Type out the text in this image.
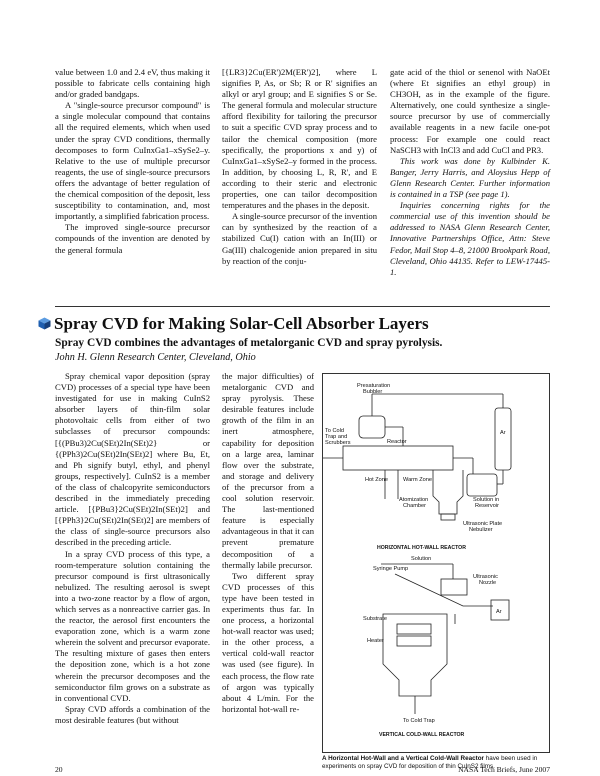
value between 1.0 and 2.4 eV, thus making it possible to fabricate cells containing high and/or graded bandgaps.

A "single-source precursor compound" is a single molecular compound that contains all the required elements, which when used under the spray CVD conditions, thermally decomposes to form CuInxGa1–xSySe2–y. Relative to the use of multiple precursor reagents, the use of single-source precursors offers the advantage of better regulation of the chemical composition of the deposit, less susceptibility to contamination, and, most importantly, a simplified fabrication process.

The improved single-source precursor compounds of the invention are denoted by the general formula

[{LR3}2Cu(ER')2M(ER')2], where L signifies P, As, or Sb; R or R' signifies an alkyl or aryl group; and E signifies S or Se. The general formula and molecular structure afford flexibility for tailoring the precursor to suit a specific CVD spray process and to tailor the chemical composition (more specifically, the proportions x and y) of CuInxGa1–xSySe2–y formed in the process. In addition, by choosing L, R, R', and E according to their steric and electronic properties, one can tailor decomposition temperatures and the phases in the deposit.

A single-source precursor of the invention can by synthesized by the reaction of a stabilized Cu(I) cation with an In(III) or Ga(III) chalcogenide anion prepared in situ by reaction of the conju-

gate acid of the thiol or senenol with NaOEt (where Et signifies an ethyl group) in CH3OH, as in the example of the figure. Alternatively, one could synthesize a single-source precursor by use of commercially available reagents in a new facile one-pot process: For example one could react NaSCH3 with InCl3 and add CuCl and PR3.

This work was done by Kulbinder K. Banger, Jerry Harris, and Aloysius Hepp of Glenn Research Center. Further information is contained in a TSP (see page 1).

Inquiries concerning rights for the commercial use of this invention should be addressed to NASA Glenn Research Center, Innovative Partnerships Office, Attn: Steve Fedor, Mail Stop 4–8, 21000 Brookpark Road, Cleveland, Ohio 44135. Refer to LEW-17445-1.

Spray CVD for Making Solar-Cell Absorber Layers
Spray CVD combines the advantages of metalorganic CVD and spray pyrolysis.
John H. Glenn Research Center, Cleveland, Ohio

Spray chemical vapor deposition (spray CVD) processes of a special type have been investigated for use in making CuInS2 absorber layers of thin-film solar photovoltaic cells from either of two subclasses of precursor compounds: [{(PBu3)2Cu(SEt)2In(SEt)2} or {(PPh3)2Cu(SEt)2In(SEt)2] where Bu, Et, and Ph signify butyl, ethyl, and phenyl groups, respectively]. CuInS2 is a member of the class of chalcopyrite semiconductors described in the immediately preceding article. [{PBu3}2Cu(SEt)2In(SEt)2] and [{PPh3}2Cu(SEt)2In(SEt)2] are members of the class of single-source precursors also described in the preceding article.

In a spray CVD process of this type, a room-temperature solution containing the precursor compound is first ultrasonically nebulized. The resulting aerosol is swept into a two-zone reactor by a flow of argon, which serves as a nonreactive carrier gas. In the reactor, the aerosol first encounters the evaporation zone, which is a warm zone wherein the solvent and precursor evaporate. The resulting mixture of gases then enters the deposition zone, which is a hot zone wherein the precursor decomposes and the semiconductor film grows on a substrate as in conventional CVD.

Spray CVD affords a combination of the most desirable features (but without

the major difficulties) of metalorganic CVD and spray pyrolysis. These desirable features include growth of the film in an inert atmosphere, capability for deposition on a large area, laminar flow over the substrate, and storage and delivery of the precursor from a cool solution reservoir. The last-mentioned feature is especially advantageous in that it can prevent premature decomposition of a thermally labile precursor.

Two different spray CVD processes of this type have been tested in experiments thus far. In one process, a horizontal hot-wall reactor was used; in the other process, a vertical cold-wall reactor was used (see figure). In each process, the flow rate of argon was typically about 4 L/min. For the horizontal hot-wall re-

Presaturation
Bubbler
To Cold
Trap and
Scrubbers	Reactor
Hot Zone	Warm Zone
Atomization
Chamber
Solution in
Reservoir
Ar
Ultrasonic Plate
Nebulizer
HORIZONTAL HOT-WALL REACTOR
Solution
Syringe Pump
Ultrasonic
Nozzle
Substrate
Heater
Ar
To Cold Trap
VERTICAL COLD-WALL REACTOR
A Horizontal Hot-Wall and a Vertical Cold-Wall Reactor have been used in experiments on spray CVD for deposition of thin CuInS2 films.
20	NASA Tech Briefs, June 2007
